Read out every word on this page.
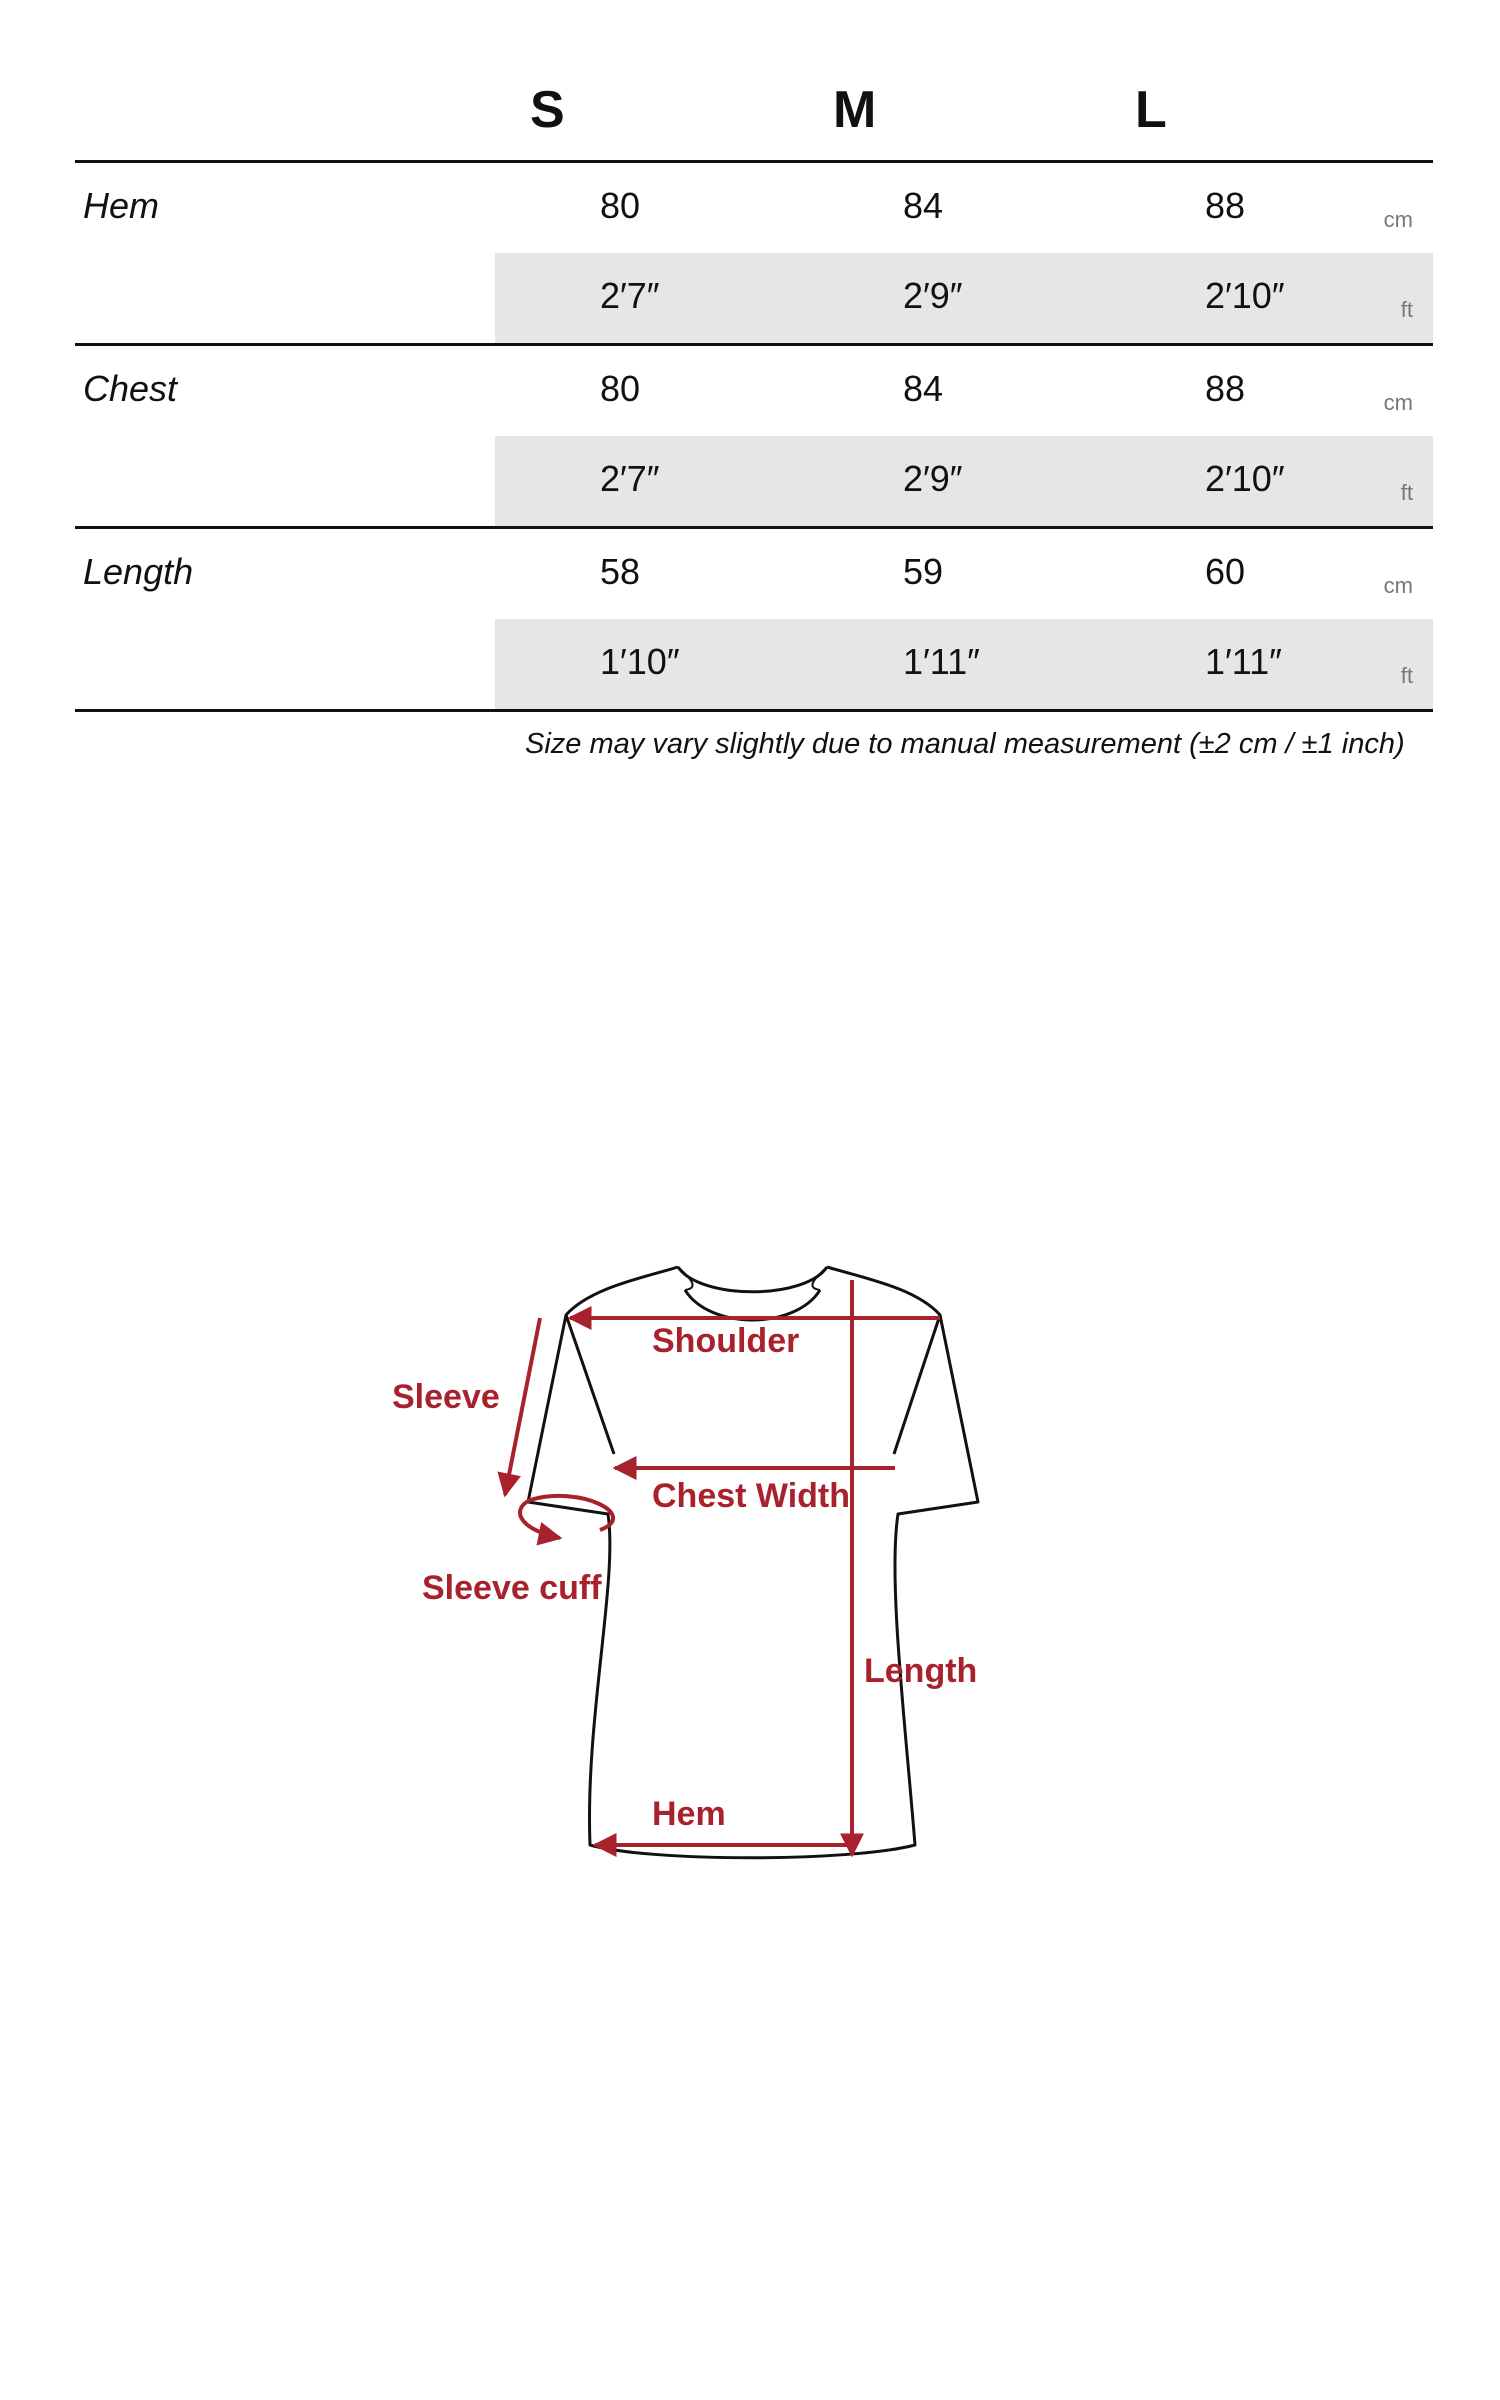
S	M	L
Hem	80	84	88	cm
2′7″	2′9″	2′10″	ft
Chest	80	84	88	cm
2′7″	2′9″	2′10″	ft
Length	58	59	60	cm
1′10″	1′11″	1′11″	ft
Size may vary slightly due to manual measurement (±2 cm / ±1 inch)
Shoulder
Sleeve
Chest Width
Sleeve cuff
Length
Hem
